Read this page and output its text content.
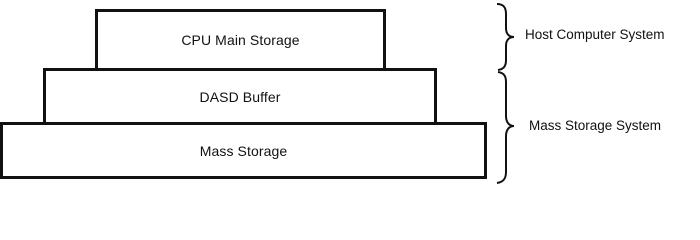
CPU Main Storage
DASD Buffer
Mass Storage
Host Computer System
Mass Storage System
